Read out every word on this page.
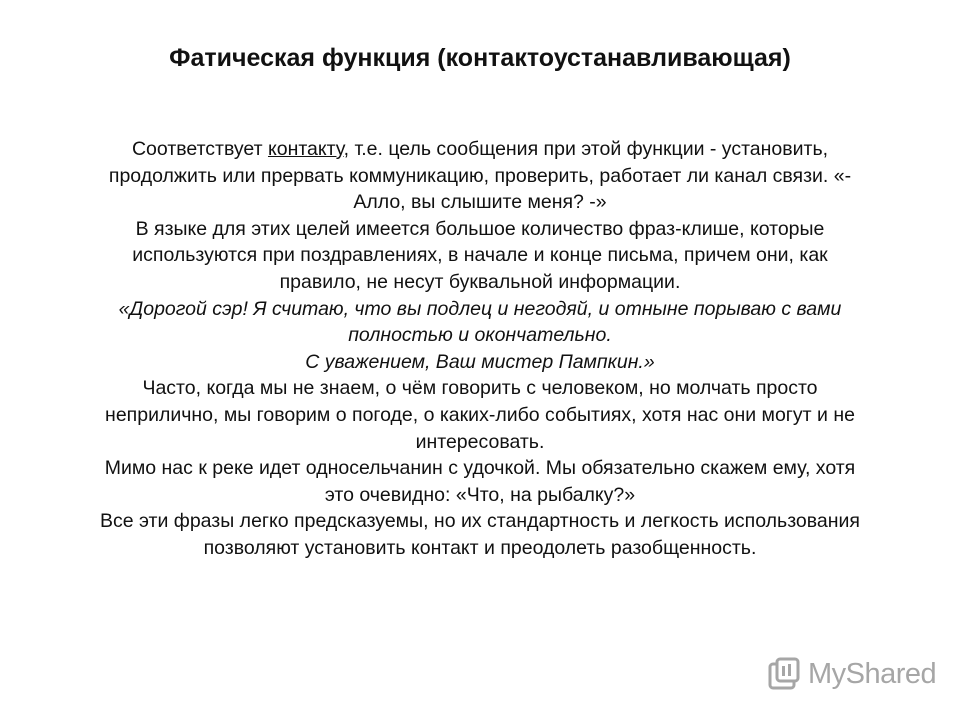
Фатическая функция (контактоустанавливающая)
Соответствует контакту, т.е. цель сообщения при этой функции - установить,
продолжить или прервать коммуникацию, проверить, работает ли канал связи. «-
Алло, вы слышите меня? -»
В языке для этих целей имеется большое количество фраз-клише, которые
используются при поздравлениях, в начале и конце письма, причем они, как
правило, не несут буквальной информации.
«Дорогой сэр! Я считаю, что вы подлец и негодяй, и отныне порываю с вами
полностью и окончательно.
С уважением, Ваш мистер Пампкин.»
Часто, когда мы не знаем, о чём говорить с человеком, но молчать просто
неприлично, мы говорим о погоде, о каких-либо событиях, хотя нас они могут и не
интересовать.
Мимо нас к реке идет односельчанин с удочкой. Мы обязательно скажем ему, хотя
это очевидно: «Что, на рыбалку?»
Все эти фразы легко предсказуемы, но их стандартность и легкость использования
позволяют установить контакт и преодолеть разобщенность.
MyShared
